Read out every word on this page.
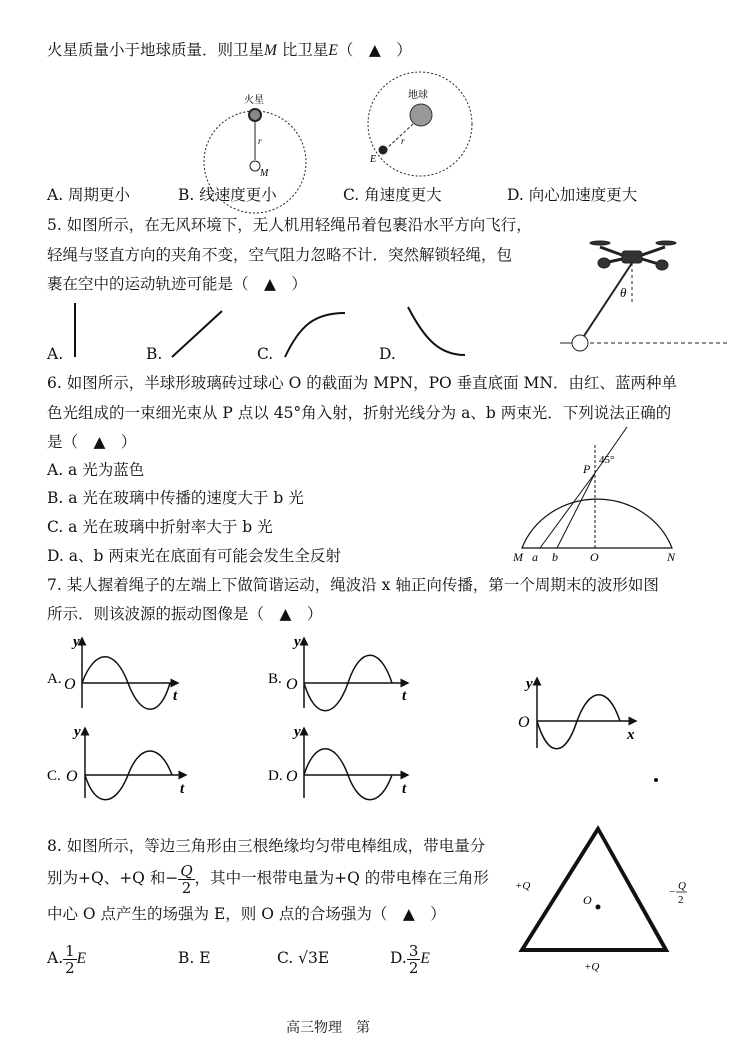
火星质量小于地球质量．则卫星M 比卫星E（　▲　）
火星
r
M
地球
r
E
A. 周期更小	B. 线速度更小	C. 角速度更大	D. 向心加速度更大
5. 如图所示，在无风环境下，无人机用轻绳吊着包裹沿水平方向飞行，
轻绳与竖直方向的夹角不变，空气阻力忽略不计．突然解锁轻绳，包
裹在空中的运动轨迹可能是（　▲　）	θ
A.	B.	C.	D.
6. 如图所示，半球形玻璃砖过球心 O 的截面为 MPN，PO 垂直底面 MN．由红、蓝两种单
色光组成的一束细光束从 P 点以 45°角入射，折射光线分为 a、b 两束光．下列说法正确的
是（　▲　）
A. a 光为蓝色
B. a 光在玻璃中传播的速度大于 b 光
C. a 光在玻璃中折射率大于 b 光
D. a、b 两束光在底面有可能会发生全反射
45°
P
M a b	O	N
7. 某人握着绳子的左端上下做简谐运动，绳波沿 x 轴正向传播，第一个周期末的波形如图
所示．则该波源的振动图像是（　▲　）
A.
y
O
t
B.
y
O
t
C.
y
O
t
D.
y
O
t
y
O
x
8. 如图所示，等边三角形由三根绝缘均匀带电棒组成，带电量分
别为+Q、+Q 和− $\frac{Q}{2}$ ，其中一根带电量为+Q 的带电棒在三角形
中心 O 点产生的场强为 E，则 O 点的合场强为（　▲　）
A. $\frac{1}{2}$ E	B. E	C. √3E	D. $\frac{3}{2}$ E
O
+Q	− Q
2
+Q
高三物理　第
